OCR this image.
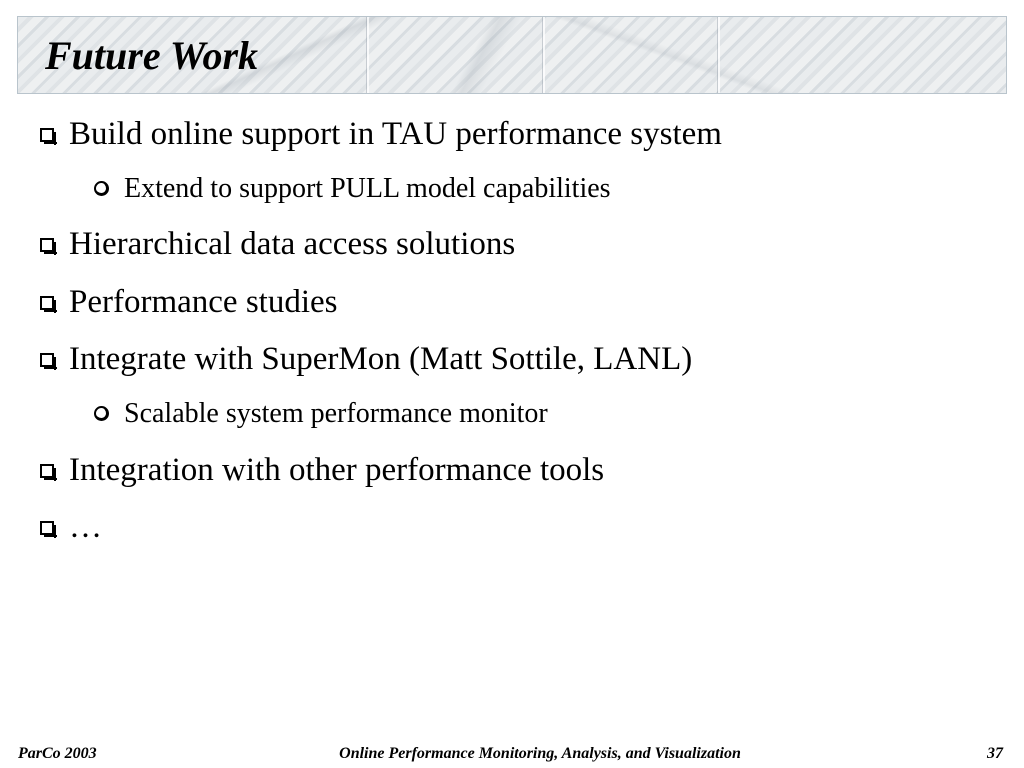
Future Work
Build online support in TAU performance system
Extend to support PULL model capabilities
Hierarchical data access solutions
Performance studies
Integrate with SuperMon (Matt Sottile, LANL)
Scalable system performance monitor
Integration with other performance tools
…
ParCo 2003	Online Performance Monitoring, Analysis, and Visualization	37
